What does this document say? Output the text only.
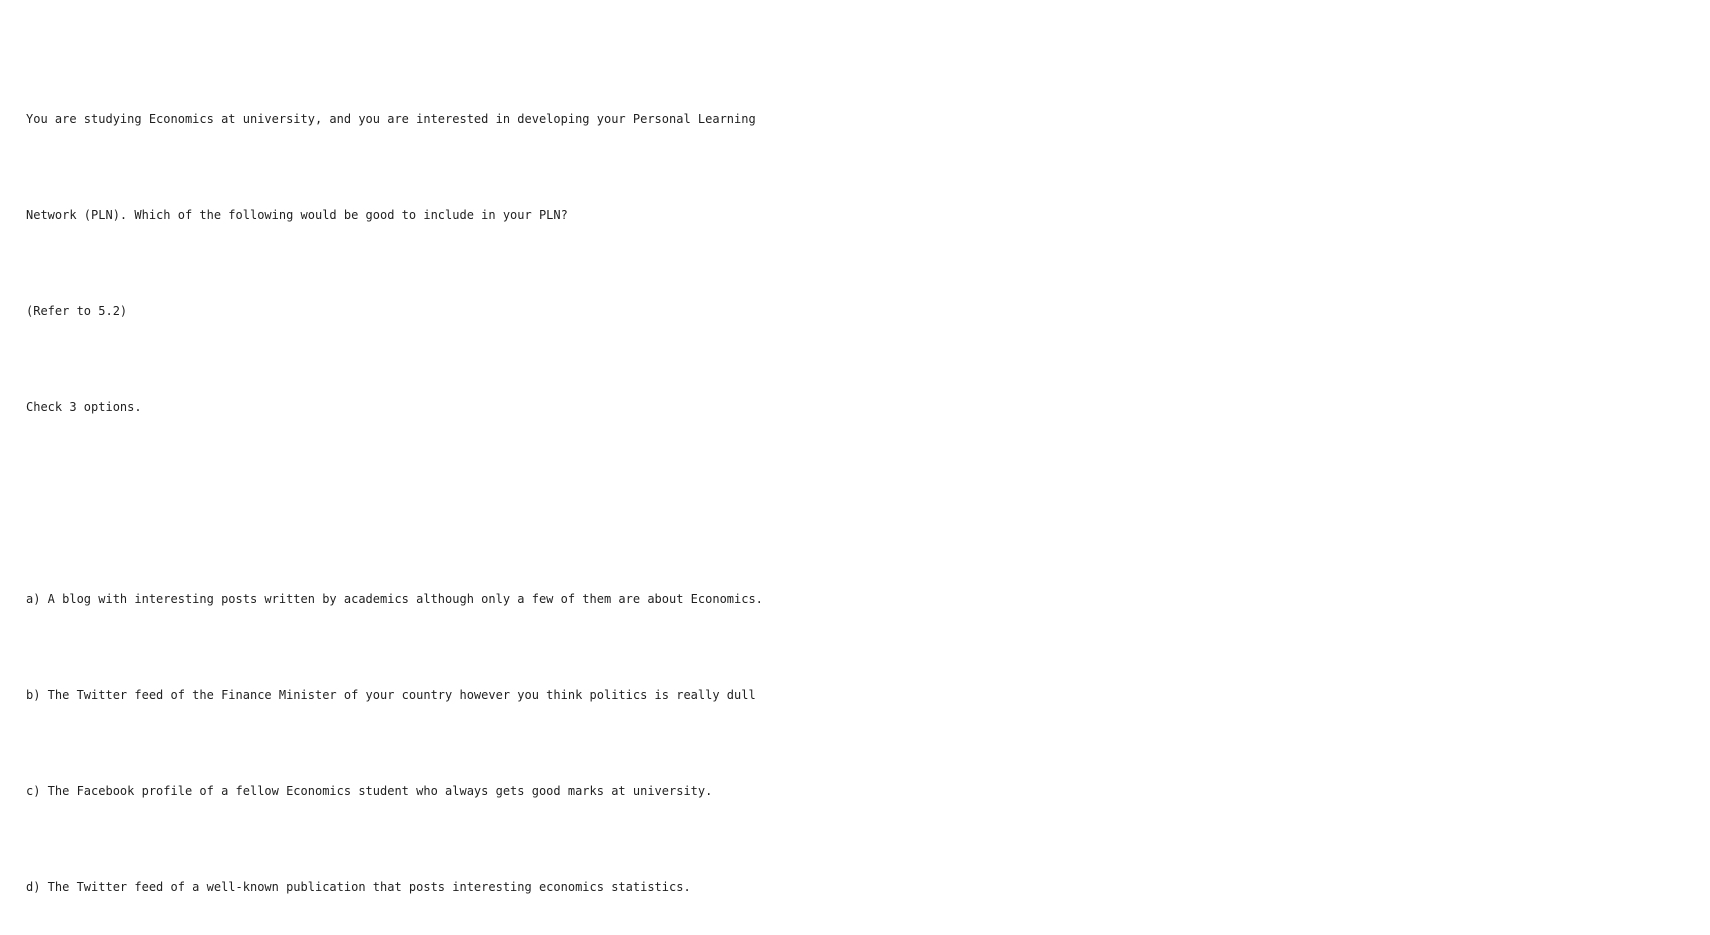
You are studying Economics at university, and you are interested in developing your Personal Learning

Network (PLN). Which of the following would be good to include in your PLN?

(Refer to 5.2)

Check 3 options.

a) A blog with interesting posts written by academics although only a few of them are about Economics.

b) The Twitter feed of the Finance Minister of your country however you think politics is really dull

c) The Facebook profile of a fellow Economics student who always gets good marks at university.

d) The Twitter feed of a well-known publication that posts interesting economics statistics.
